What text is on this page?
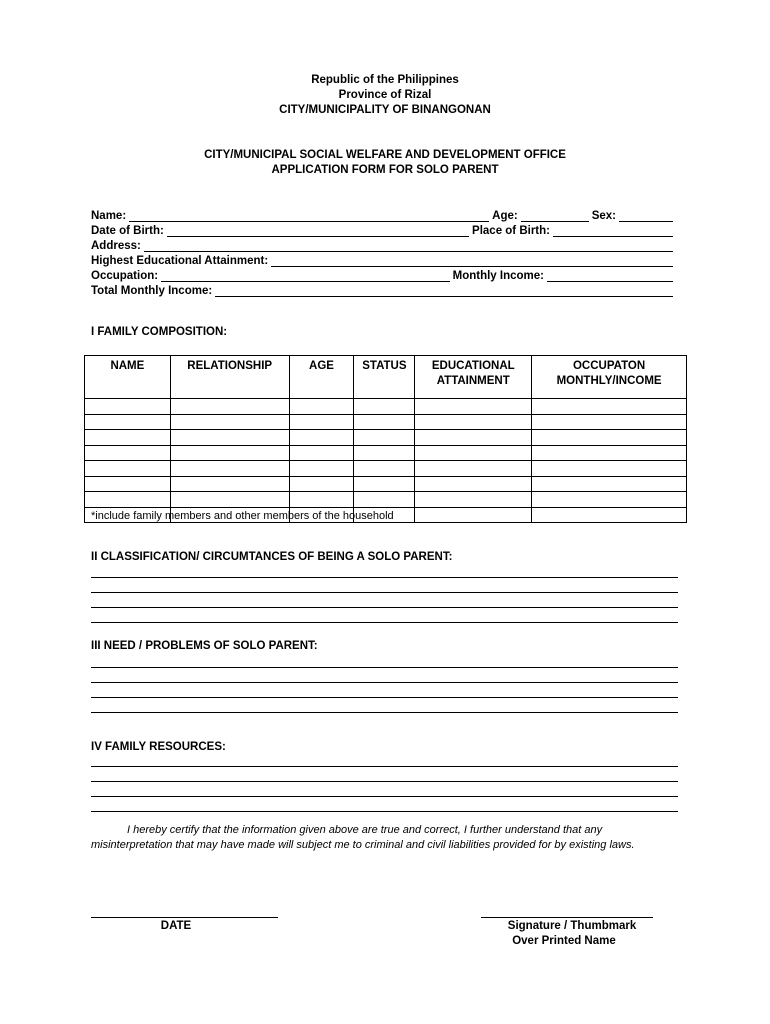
Republic of the Philippines
Province of Rizal
CITY/MUNICIPALITY OF BINANGONAN
CITY/MUNICIPAL SOCIAL WELFARE AND DEVELOPMENT OFFICE
APPLICATION FORM FOR SOLO PARENT
Name:	Age:	Sex:
Date of Birth:	Place of Birth:
Address:
Highest Educational Attainment:
Occupation:	Monthly Income:
Total Monthly Income:
I FAMILY COMPOSITION:
NAME	RELATIONSHIP	AGE	STATUS	EDUCATIONAL ATTAINMENT	OCCUPATON MONTHLY/INCOME

*include family members and other members of the household
II CLASSIFICATION/ CIRCUMTANCES OF BEING A SOLO PARENT:
III NEED / PROBLEMS OF SOLO PARENT:
IV FAMILY RESOURCES:
I hereby certify that the information given above are true and correct, I further understand that any misinterpretation that may have made will subject me to criminal and civil liabilities provided for by existing laws.
DATE	Signature / Thumbmark
Over Printed Name
